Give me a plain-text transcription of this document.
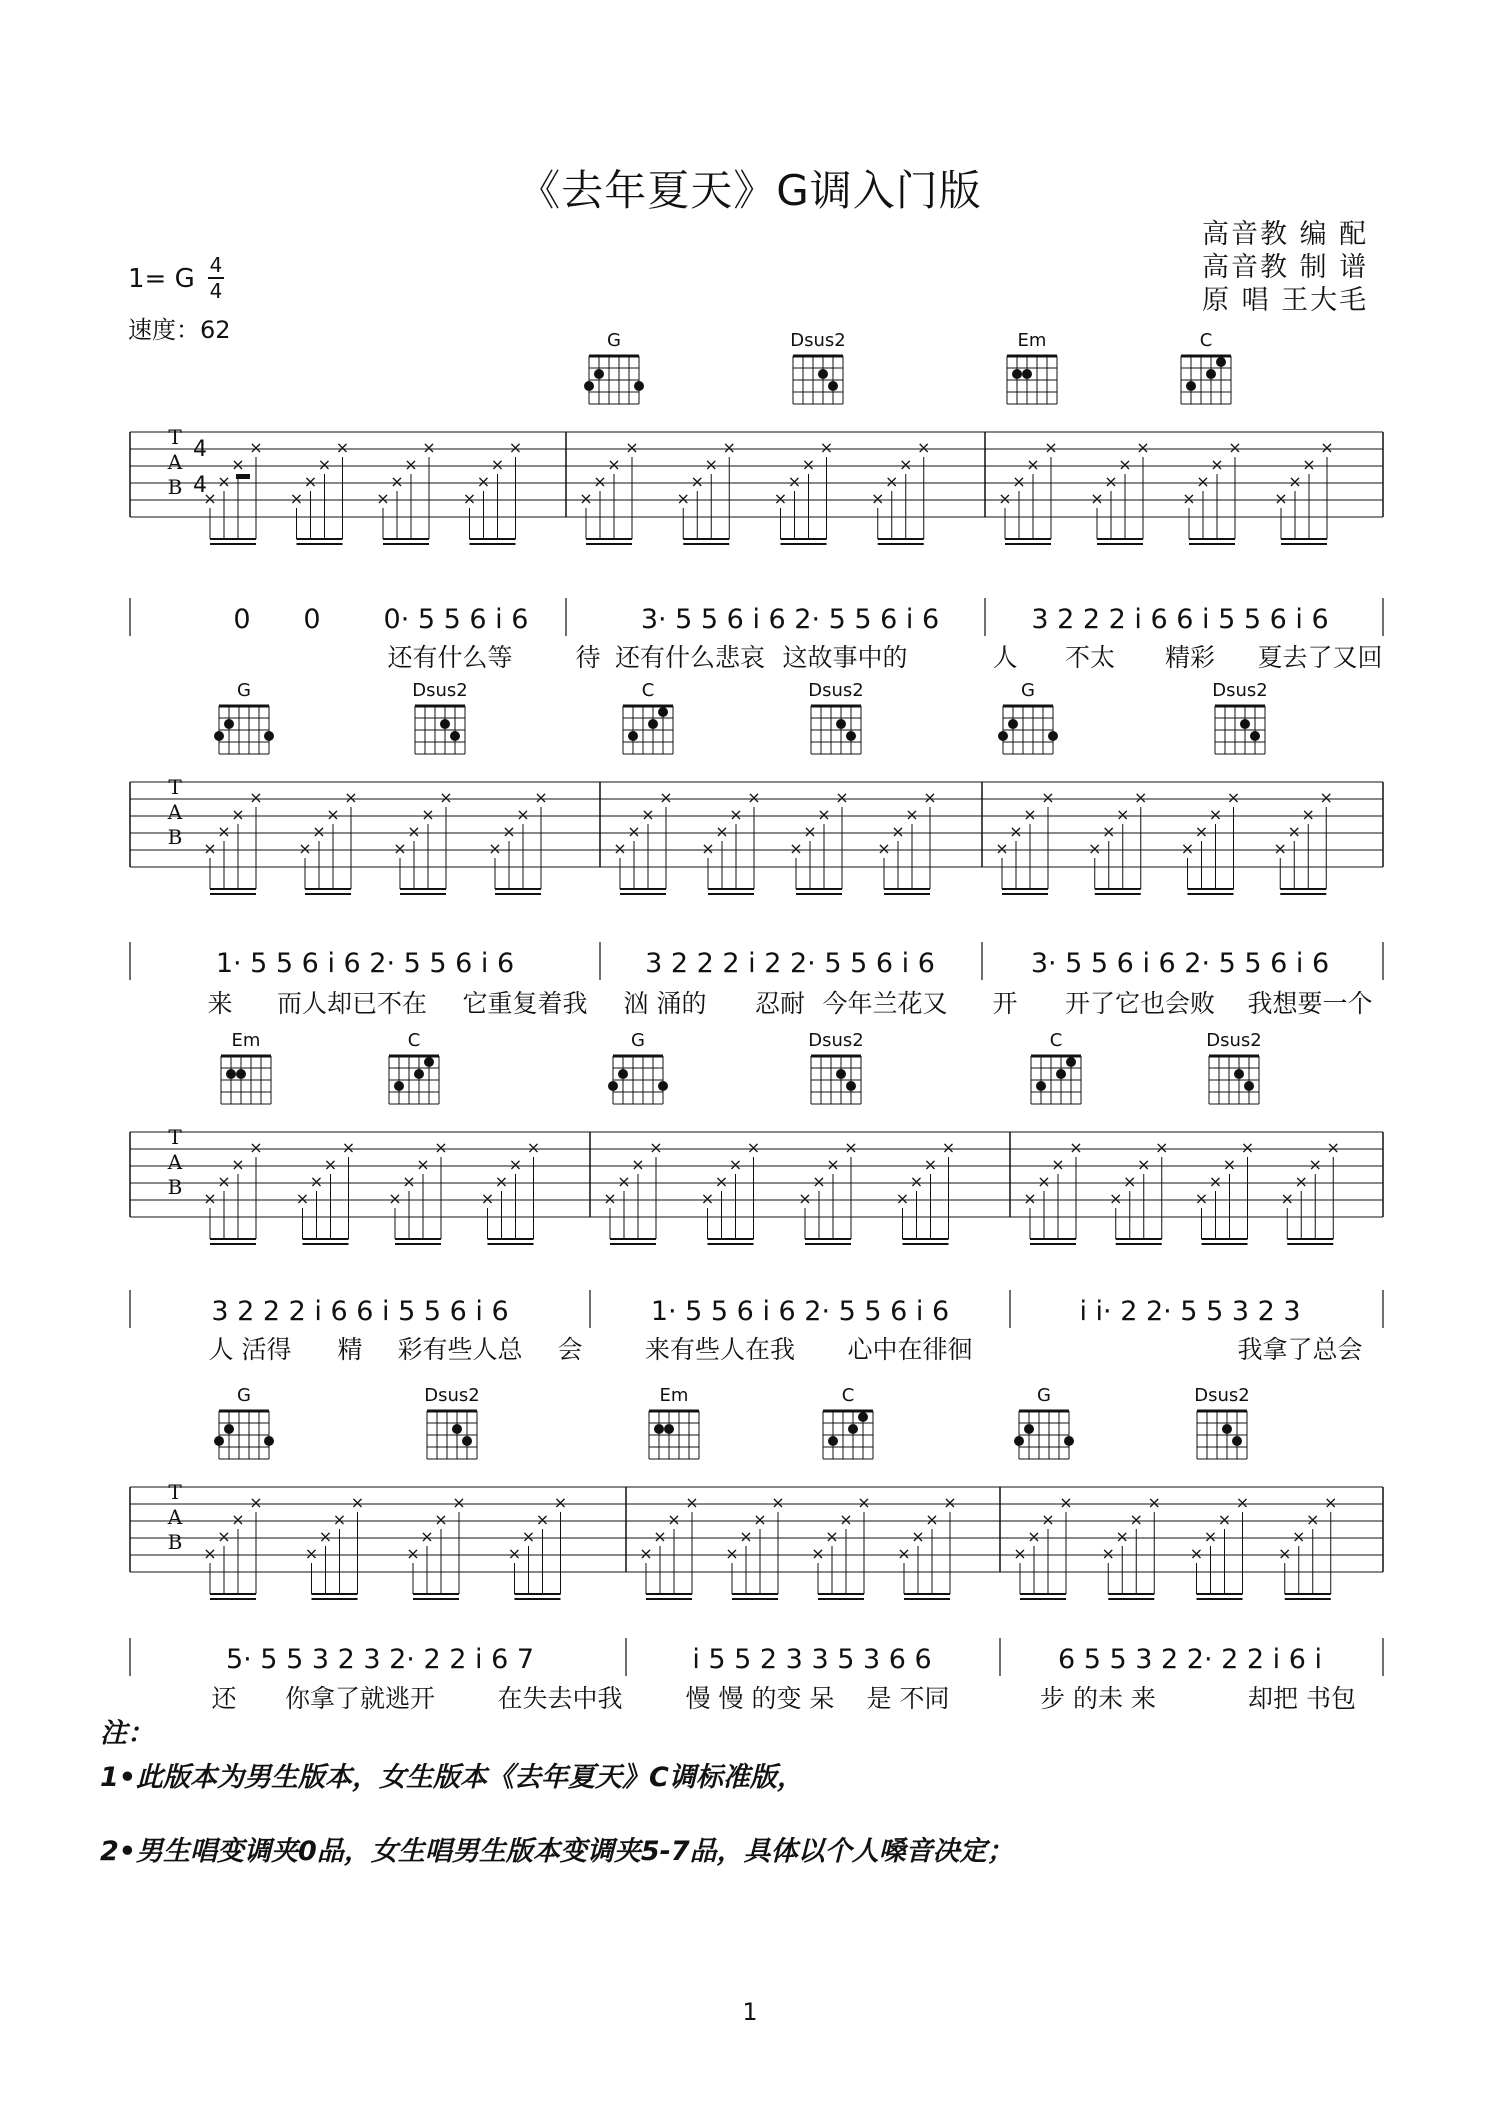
《去年夏天》G调入门版
高音教 编 配
高音教 制 谱
原 唱 王大毛
1= G 4
4
速度：62	G	Dsus2	Em	C
T
A
B ×
×
×
×
×
×
×
×
×
×
×
×
×
×
×
×
×
×
×
×
×
×
×
×
×
×
×
×
×
×
×
×
×
×
×
×
×
×
×
×
×
×
×
×
×
×
×
×
0 0 0· 5 5 6 i 6	3· 5 5 6 i 6 2· 5 5 6 i 6	3 2 2 2 i 6 6 i 5 5 6 i 6
还有什么等	待 还有什么悲哀 这故事中的	人 不太 精彩 夏去了又回
G	Dsus2	C	Dsus2	G	Dsus2
T
A
B ×
×
×
×
×
×
×
×
×
×
×
×
×
×
×
×
×
×
×
×
×
×
×
×
×
×
×
×
×
×
×
×
×
×
×
×
×
×
×
×
×
×
×
×
×
×
×
×
1· 5 5 6 i 6 2· 5 5 6 i 6	3 2 2 2 i 2 2· 5 5 6 i 6	3· 5 5 6 i 6 2· 5 5 6 i 6
来 而人却已不在 它重复着我 汹 涌的 忍耐 今年兰花又 开 开了它也会败 我想要一个
Em	C	G	Dsus2	C	Dsus2
T
A
B ×
×
×
×
×
×
×
×
×
×
×
×
×
×
×
×
×
×
×
×
×
×
×
×
×
×
×
×
×
×
×
×
×
×
×
×
×
×
×
×
×
×
×
×
×
×
×
×
3 2 2 2 i 6 6 i 5 5 6 i 6	1· 5 5 6 i 6 2· 5 5 6 i 6	i i· 2 2· 5 5 3 2 3
人 活得 精 彩有些人总 会 来有些人在我 心中在徘徊	我拿了总会
G	Dsus2	Em	C	G	Dsus2
T
A
B ×
×
×
×
×
×
×
×
×
×
×
×
×
×
×
×
×
×
×
×
×
×
×
×
×
×
×
×
×
×
×
×
×
×
×
×
×
×
×
×
×
×
×
×
×
×
×
×
5· 5 5 3 2 3 2· 2 2 i 6 7	i 5 5 2 3 3 5 3 6 6	6 5 5 3 2 2· 2 2 i 6 i
还 你拿了就逃开 在失去中我	慢 慢 的变 呆 是 不同	步 的未 来	却把 书包
4
4
注：
1•此版本为男生版本，女生版本《去年夏天》C调标准版，
2•男生唱变调夹0品，女生唱男生版本变调夹5-7品，具体以个人嗓音决定；
1
